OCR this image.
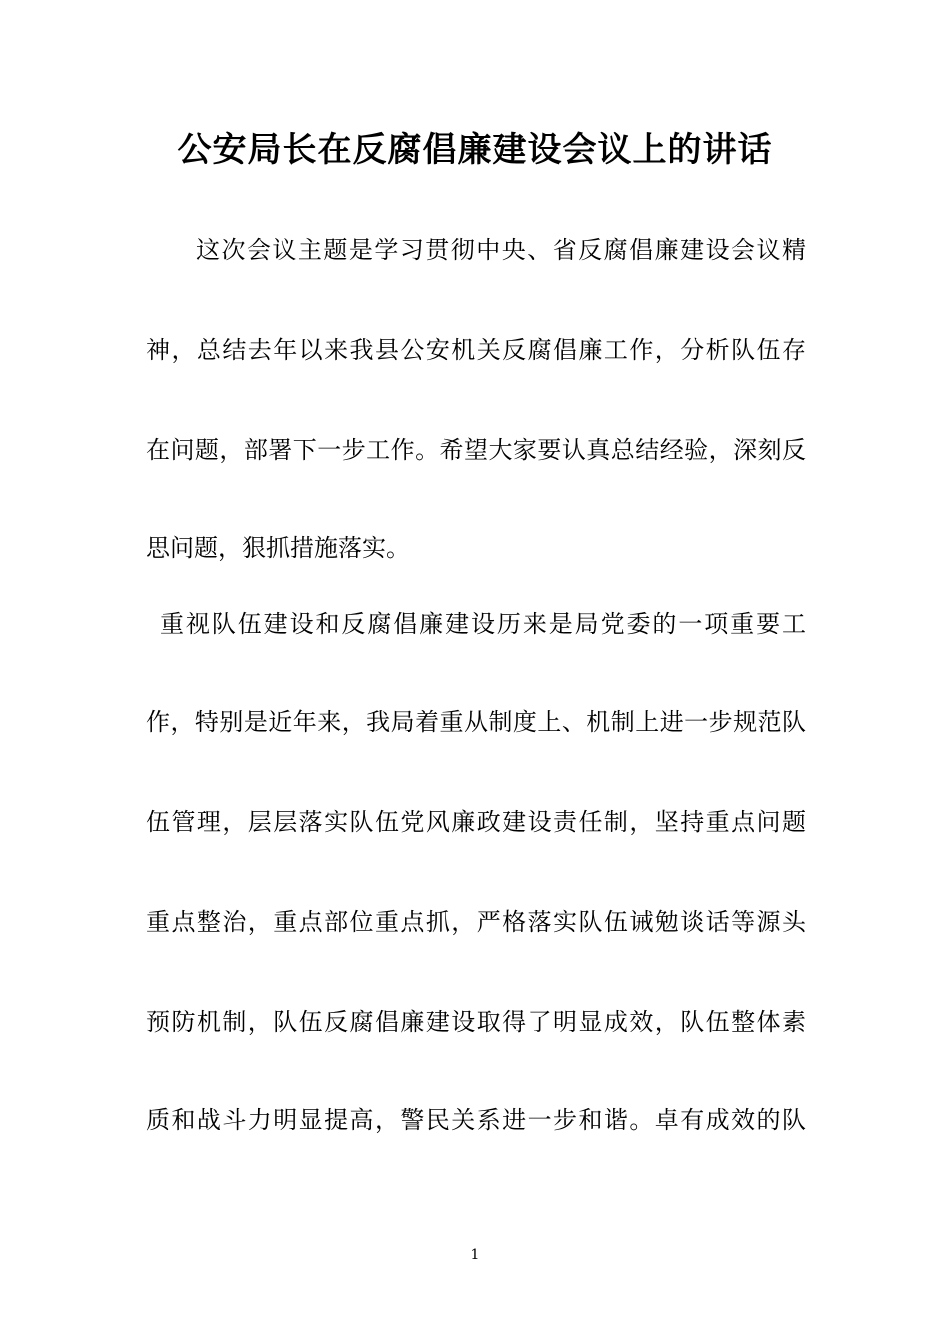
公安局长在反腐倡廉建设会议上的讲话

这次会议主题是学习贯彻中央、省反腐倡廉建设会议精

神，总结去年以来我县公安机关反腐倡廉工作，分析队伍存

在问题，部署下一步工作。希望大家要认真总结经验，深刻反

思问题，狠抓措施落实。

重视队伍建设和反腐倡廉建设历来是局党委的一项重要工

作，特别是近年来，我局着重从制度上、机制上进一步规范队

伍管理，层层落实队伍党风廉政建设责任制，坚持重点问题

重点整治，重点部位重点抓，严格落实队伍诫勉谈话等源头

预防机制，队伍反腐倡廉建设取得了明显成效，队伍整体素

质和战斗力明显提高，警民关系进一步和谐。卓有成效的队

1
